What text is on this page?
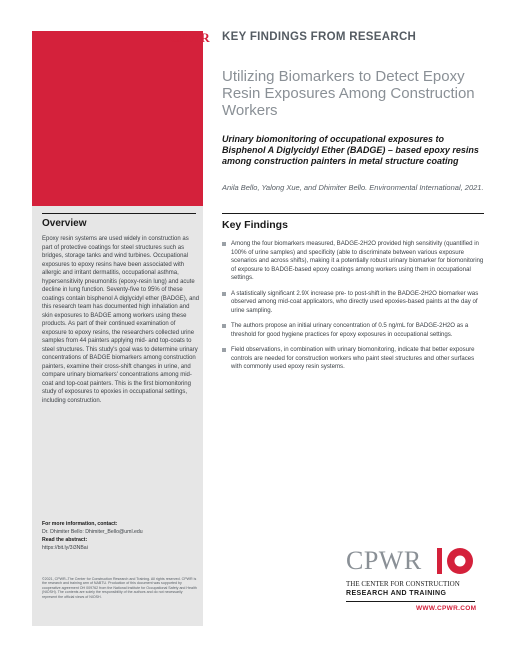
CPWR KEY FINDINGS FROM RESEARCH
Utilizing Biomarkers to Detect Epoxy Resin Exposures Among Construction Workers
Urinary biomonitoring of occupational exposures to Bisphenol A Diglycidyl Ether (BADGE) – based epoxy resins among construction painters in metal structure coating
Anila Bello, Yalong Xue, and Dhimiter Bello. Environmental International, 2021.
Overview
Epoxy resin systems are used widely in construction as part of protective coatings for steel structures such as bridges, storage tanks and wind turbines. Occupational exposures to epoxy resins have been associated with allergic and irritant dermatitis, occupational asthma, hypersensitivity pneumonitis (epoxy-resin lung) and acute decline in lung function. Seventy-five to 95% of these coatings contain bisphenol A diglycidyl ether (BADGE), and this research team has documented high inhalation and skin exposures to BADGE among workers using these products. As part of their continued examination of exposure to epoxy resins, the researchers collected urine samples from 44 painters applying mid- and top-coats to steel structures. This study's goal was to determine urinary concentrations of BADGE biomarkers among construction painters, examine their cross-shift changes in urine, and compare urinary biomarkers' concentrations among mid-coat and top-coat painters. This is the first biomonitoring study of exposures to epoxies in occupational settings, including construction.
For more information, contact:
Dr. Dhimiter Bello: Dhimiter_Bello@uml.edu
Read the abstract:
https://bit.ly/3i3NBai
©2021, CPWR–The Center for Construction Research and Training. All rights reserved. CPWR is the research and training arm of NABTU. Production of this document was supported by cooperative agreement OH 009762 from the National Institute for Occupational Safety and Health (NIOSH). The contents are solely the responsibility of the authors and do not necessarily represent the official views of NIOSH.
Key Findings
Among the four biomarkers measured, BADGE-2H2O provided high sensitivity (quantified in 100% of urine samples) and specificity (able to discriminate between various exposure scenarios and across shifts), making it a potentially robust urinary biomarker for biomonitoring of exposure to BADGE-based epoxy coatings among workers using them in occupational settings.
A statistically significant 2.9X increase pre- to post-shift in the BADGE-2H2O biomarker was observed among mid-coat applicators, who directly used epoxies-based paints at the day of urine sampling.
The authors propose an initial urinary concentration of 0.5 ng/mL for BADGE-2H2O as a threshold for good hygiene practices for epoxy exposures in occupational settings.
Field observations, in combination with urinary biomonitoring, indicate that better exposure controls are needed for construction workers who paint steel structures and other surfaces with commonly used epoxy resin systems.
CPWR
THE CENTER FOR CONSTRUCTION
RESEARCH AND TRAINING
WWW.CPWR.COM
